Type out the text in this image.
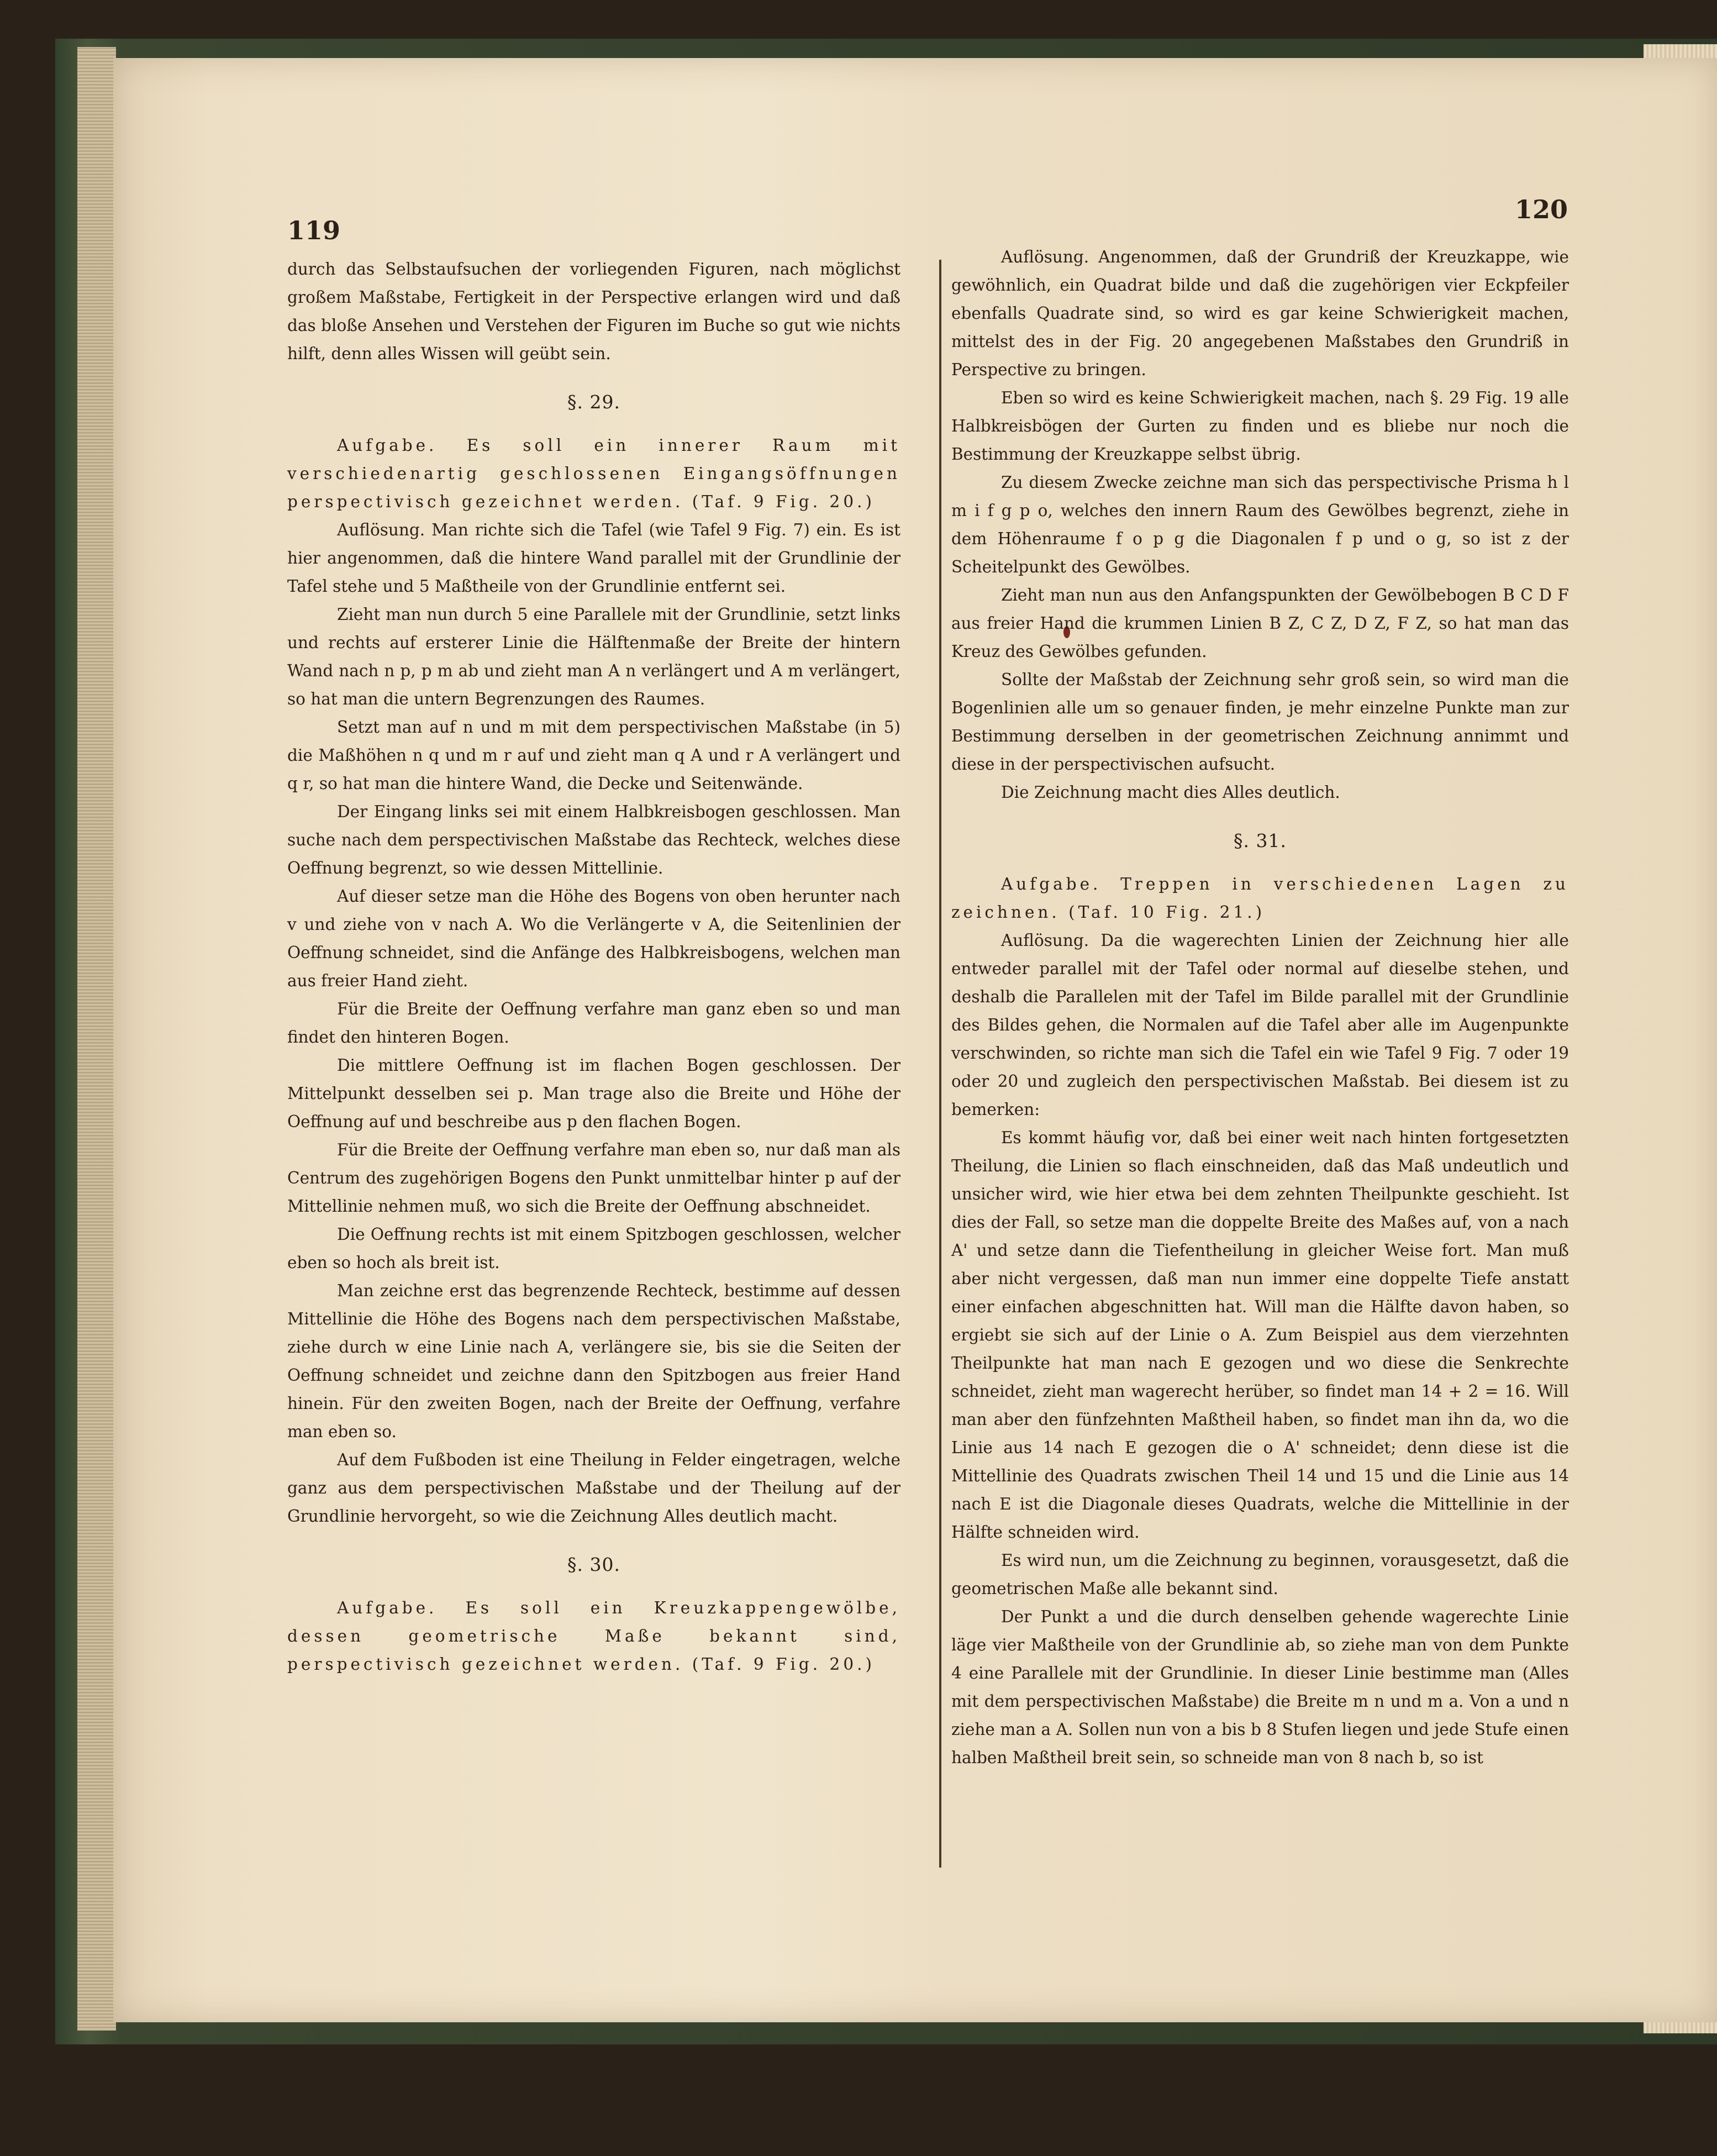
119
120

durch das Selbstaufsuchen der vorliegenden Figuren, nach möglichst großem Maßstabe, Fertigkeit in der Perspective erlangen wird und daß das bloße Ansehen und Verstehen der Figuren im Buche so gut wie nichts hilft, denn alles Wissen will geübt sein.

§. 29.

Aufgabe. Es soll ein innerer Raum mit verschiedenartig geschlossenen Eingangsöffnungen perspectivisch gezeichnet werden. (Taf. 9 Fig. 20.)

Auflösung. Man richte sich die Tafel (wie Tafel 9 Fig. 7) ein. Es ist hier angenommen, daß die hintere Wand parallel mit der Grundlinie der Tafel stehe und 5 Maßtheile von der Grundlinie entfernt sei.

Zieht man nun durch 5 eine Parallele mit der Grundlinie, setzt links und rechts auf ersterer Linie die Hälftenmaße der Breite der hintern Wand nach n p, p m ab und zieht man A n verlängert und A m verlängert, so hat man die untern Begrenzungen des Raumes.

Setzt man auf n und m mit dem perspectivischen Maßstabe (in 5) die Maßhöhen n q und m r auf und zieht man q A und r A verlängert und q r, so hat man die hintere Wand, die Decke und Seitenwände.

Der Eingang links sei mit einem Halbkreisbogen geschlossen. Man suche nach dem perspectivischen Maßstabe das Rechteck, welches diese Oeffnung begrenzt, so wie dessen Mittellinie.

Auf dieser setze man die Höhe des Bogens von oben herunter nach v und ziehe von v nach A. Wo die Verlängerte v A, die Seitenlinien der Oeffnung schneidet, sind die Anfänge des Halbkreisbogens, welchen man aus freier Hand zieht.

Für die Breite der Oeffnung verfahre man ganz eben so und man findet den hinteren Bogen.

Die mittlere Oeffnung ist im flachen Bogen geschlossen. Der Mittelpunkt desselben sei p. Man trage also die Breite und Höhe der Oeffnung auf und beschreibe aus p den flachen Bogen.

Für die Breite der Oeffnung verfahre man eben so, nur daß man als Centrum des zugehörigen Bogens den Punkt unmittelbar hinter p auf der Mittellinie nehmen muß, wo sich die Breite der Oeffnung abschneidet.

Die Oeffnung rechts ist mit einem Spitzbogen geschlossen, welcher eben so hoch als breit ist.

Man zeichne erst das begrenzende Rechteck, bestimme auf dessen Mittellinie die Höhe des Bogens nach dem perspectivischen Maßstabe, ziehe durch w eine Linie nach A, verlängere sie, bis sie die Seiten der Oeffnung schneidet und zeichne dann den Spitzbogen aus freier Hand hinein. Für den zweiten Bogen, nach der Breite der Oeffnung, verfahre man eben so.

Auf dem Fußboden ist eine Theilung in Felder eingetragen, welche ganz aus dem perspectivischen Maßstabe und der Theilung auf der Grundlinie hervorgeht, so wie die Zeichnung Alles deutlich macht.

§. 30.

Aufgabe. Es soll ein Kreuzkappengewölbe, dessen geometrische Maße bekannt sind, perspectivisch gezeichnet werden. (Taf. 9 Fig. 20.)

Auflösung. Angenommen, daß der Grundriß der Kreuzkappe, wie gewöhnlich, ein Quadrat bilde und daß die zugehörigen vier Eckpfeiler ebenfalls Quadrate sind, so wird es gar keine Schwierigkeit machen, mittelst des in der Fig. 20 angegebenen Maßstabes den Grundriß in Perspective zu bringen.

Eben so wird es keine Schwierigkeit machen, nach §. 29 Fig. 19 alle Halbkreisbögen der Gurten zu finden und es bliebe nur noch die Bestimmung der Kreuzkappe selbst übrig.

Zu diesem Zwecke zeichne man sich das perspectivische Prisma h l m i f g p o, welches den innern Raum des Gewölbes begrenzt, ziehe in dem Höhenraume f o p g die Diagonalen f p und o g, so ist z der Scheitelpunkt des Gewölbes.

Zieht man nun aus den Anfangspunkten der Gewölbebogen B C D F aus freier Hand die krummen Linien B Z, C Z, D Z, F Z, so hat man das Kreuz des Gewölbes gefunden.

Sollte der Maßstab der Zeichnung sehr groß sein, so wird man die Bogenlinien alle um so genauer finden, je mehr einzelne Punkte man zur Bestimmung derselben in der geometrischen Zeichnung annimmt und diese in der perspectivischen aufsucht.

Die Zeichnung macht dies Alles deutlich.

§. 31.

Aufgabe. Treppen in verschiedenen Lagen zu zeichnen. (Taf. 10 Fig. 21.)

Auflösung. Da die wagerechten Linien der Zeichnung hier alle entweder parallel mit der Tafel oder normal auf dieselbe stehen, und deshalb die Parallelen mit der Tafel im Bilde parallel mit der Grundlinie des Bildes gehen, die Normalen auf die Tafel aber alle im Augenpunkte verschwinden, so richte man sich die Tafel ein wie Tafel 9 Fig. 7 oder 19 oder 20 und zugleich den perspectivischen Maßstab. Bei diesem ist zu bemerken:

Es kommt häufig vor, daß bei einer weit nach hinten fortgesetzten Theilung, die Linien so flach einschneiden, daß das Maß undeutlich und unsicher wird, wie hier etwa bei dem zehnten Theilpunkte geschieht. Ist dies der Fall, so setze man die doppelte Breite des Maßes auf, von a nach A' und setze dann die Tiefentheilung in gleicher Weise fort. Man muß aber nicht vergessen, daß man nun immer eine doppelte Tiefe anstatt einer einfachen abgeschnitten hat. Will man die Hälfte davon haben, so ergiebt sie sich auf der Linie o A. Zum Beispiel aus dem vierzehnten Theilpunkte hat man nach E gezogen und wo diese die Senkrechte schneidet, zieht man wagerecht herüber, so findet man 14 + 2 = 16. Will man aber den fünfzehnten Maßtheil haben, so findet man ihn da, wo die Linie aus 14 nach E gezogen die o A' schneidet; denn diese ist die Mittellinie des Quadrats zwischen Theil 14 und 15 und die Linie aus 14 nach E ist die Diagonale dieses Quadrats, welche die Mittellinie in der Hälfte schneiden wird.

Es wird nun, um die Zeichnung zu beginnen, vorausgesetzt, daß die geometrischen Maße alle bekannt sind.

Der Punkt a und die durch denselben gehende wagerechte Linie läge vier Maßtheile von der Grundlinie ab, so ziehe man von dem Punkte 4 eine Parallele mit der Grundlinie. In dieser Linie bestimme man (Alles mit dem perspectivischen Maßstabe) die Breite m n und m a. Von a und n ziehe man a A. Sollen nun von a bis b 8 Stufen liegen und jede Stufe einen halben Maßtheil breit sein, so schneide man von 8 nach b, so ist
